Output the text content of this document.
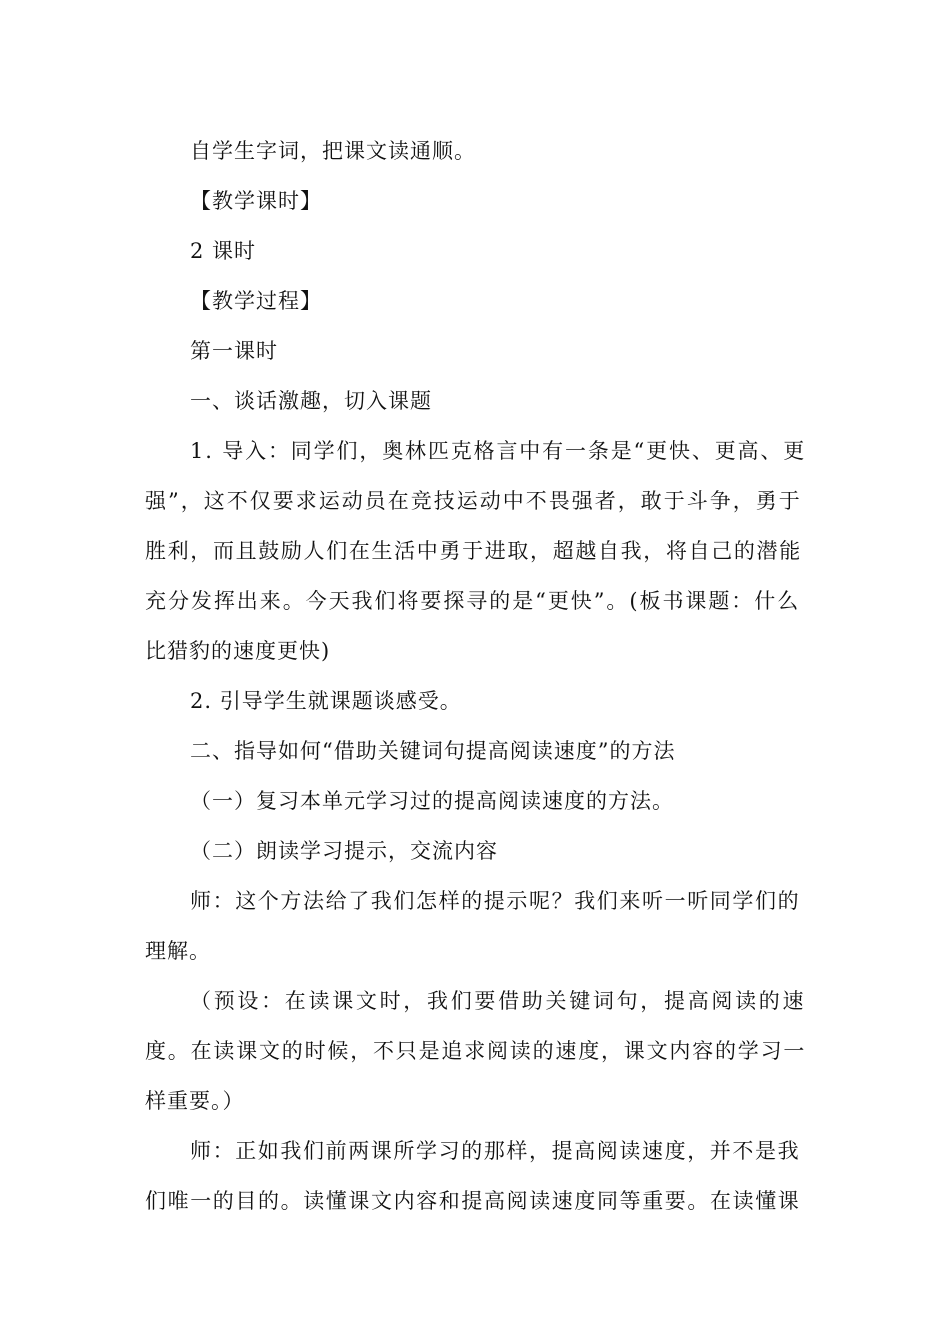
自学生字词，把课文读通顺。
【教学课时】
2 课时
【教学过程】
第一课时
一、谈话激趣，切入课题
1. 导入：同学们，奥林匹克格言中有一条是“更快、更高、更
强”，这不仅要求运动员在竞技运动中不畏强者，敢于斗争，勇于
胜利，而且鼓励人们在生活中勇于进取，超越自我，将自己的潜能
充分发挥出来。今天我们将要探寻的是“更快”。(板书课题：什么
比猎豹的速度更快)
2. 引导学生就课题谈感受。
二、指导如何“借助关键词句提高阅读速度”的方法
（一）复习本单元学习过的提高阅读速度的方法。
（二）朗读学习提示，交流内容
师：这个方法给了我们怎样的提示呢？我们来听一听同学们的
理解。
（预设：在读课文时，我们要借助关键词句，提高阅读的速
度。在读课文的时候，不只是追求阅读的速度，课文内容的学习一
样重要。）
师：正如我们前两课所学习的那样，提高阅读速度，并不是我
们唯一的目的。读懂课文内容和提高阅读速度同等重要。在读懂课
